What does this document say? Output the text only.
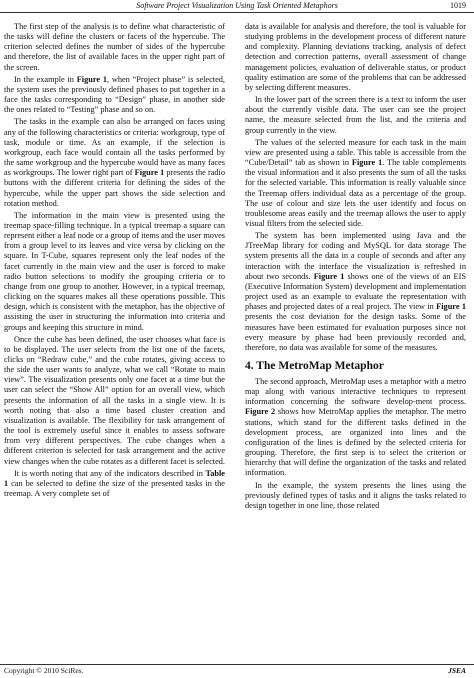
Software Project Visualization Using Task Oriented Metaphors	1019

The first step of the analysis is to define what characteristic of the tasks will define the clusters or facets of the hypercube. The criterion selected defines the number of sides of the hypercube and therefore, the list of available faces in the upper right part of the screen.

In the example in Figure 1, when “Project phase” is selected, the system uses the previously defined phases to put together in a face the tasks corresponding to “Design” phase, in another side the ones related to “Testing” phase and so on.

The tasks in the example can also be arranged on faces using any of the following characteristics or criteria: workgroup, type of task, module or time. As an example, if the selection is workgroup, each face would contain all the tasks performed by the same workgroup and the hypercube would have as many faces as workgroups. The lower right part of Figure 1 presents the radio buttons with the different criteria for defining the sides of the hypercube, while the upper part shows the side selection and rotation method.

The information in the main view is presented using the treemap space-filling technique. In a typical treemap a square can represent either a leaf node or a group of items and the user moves from a group level to its leaves and vice versa by clicking on the square. In T-Cube, squares represent only the leaf nodes of the facet currently in the main view and the user is forced to make radio button selections to modify the grouping criteria or to change from one group to another. However, in a typical treemap, clicking on the squares makes all these operations possible. This design, which is consistent with the metaphor, has the objective of assisting the user in structuring the information into criteria and groups and keeping this structure in mind.

Once the cube has been defined, the user chooses what face is to be displayed. The user selects from the list one of the facets, clicks on “Redraw cube,” and the cube rotates, giving access to the side the user wants to analyze, what we call “Rotate to main view”. The visualization presents only one facet at a time but the user can select the “Show All” option for an overall view, which presents the information of all the tasks in a single view. It is worth noting that also a time based cluster creation and visualization is available. The flexibility for task arrangement of the tool is extremely useful since it enables to assess software from very different perspectives. The cube changes when a different criterion is selected for task arrangement and the active view changes when the cube rotates as a different facet is selected.

It is worth noting that any of the indicators described in Table 1 can be selected to define the size of the presented tasks in the treemap. A very complete set of

data is available for analysis and therefore, the tool is valuable for studying problems in the development process of different nature and complexity. Planning deviations tracking, analysis of defect detection and correction patterns, overall assessment of change management policies, evaluation of deliverable status, or product quality estimation are some of the problems that can be addressed by selecting different measures.

In the lower part of the screen there is a text to inform the user about the currently visible data. The user can see the project name, the measure selected from the list, and the criteria and group currently in the view.

The values of the selected measure for each task in the main view are presented using a table. This table is accessible from the “Cube/Detail” tab as shown in Figure 1. The table complements the visual information and it also presents the sum of all the tasks for the selected variable. This information is really valuable since the Treemap offers individual data as a percentage of the group. The use of colour and size lets the user identify and focus on troublesome areas easily and the treemap allows the user to apply visual filters from the selected side.

The system has been implemented using Java and the JTreeMap library for coding and MySQL for data storage The system presents all the data in a couple of seconds and after any interaction with the interface the visualization is refreshed in about two seconds. Figure 1 shows one of the views of an EIS (Executive Information System) development and implementation project used as an example to evaluate the representation with phases and projected dates of a real project. The view in Figure 1 presents the cost deviation for the design tasks. Some of the measures have been estimated for evaluation purposes since not every measure by phase had been previously recorded and, therefore, no data was available for some of the measures.

4. The MetroMap Metaphor

The second approach, MetroMap uses a metaphor with a metro map along with various interactive techniques to represent information concerning the software develop-ment process. Figure 2 shows how MetroMap applies the metaphor. The metro stations, which stand for the different tasks defined in the development process, are organized into lines and the configuration of the lines is defined by the selected criteria for grouping. Therefore, the first step is to select the criterion or hierarchy that will define the organization of the tasks and related information.

In the example, the system presents the lines using the previously defined types of tasks and it aligns the tasks related to design together in one line, those related

Copyright © 2010 SciRes.	JSEA
